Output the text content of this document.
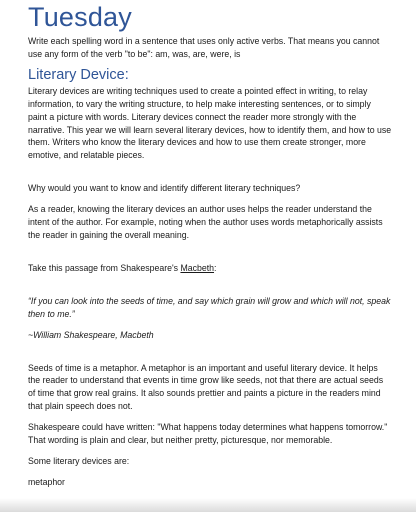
Tuesday

Write each spelling word in a sentence that uses only active verbs. That means you cannot use any form of the verb "to be": am, was, are, were, is

Literary Device:

Literary devices are writing techniques used to create a pointed effect in writing, to relay information, to vary the writing structure, to help make interesting sentences, or to simply paint a picture with words. Literary devices connect the reader more strongly with the narrative. This year we will learn several literary devices, how to identify them, and how to use them. Writers who know the literary devices and how to use them create stronger, more emotive, and relatable pieces.

Why would you want to know and identify different literary techniques?

As a reader, knowing the literary devices an author uses helps the reader understand the intent of the author. For example, noting when the author uses words metaphorically assists the reader in gaining the overall meaning.

Take this passage from Shakespeare's Macbeth:

“If you can look into the seeds of time, and say which grain will grow and which will not, speak then to me.”

~William Shakespeare, Macbeth

Seeds of time is a metaphor. A metaphor is an important and useful literary device. It helps the reader to understand that events in time grow like seeds, not that there are actual seeds of time that grow real grains. It also sounds prettier and paints a picture in the readers mind that plain speech does not.

Shakespeare could have written: "What happens today determines what happens tomorrow." That wording is plain and clear, but neither pretty, picturesque, nor memorable.

Some literary devices are:

metaphor
